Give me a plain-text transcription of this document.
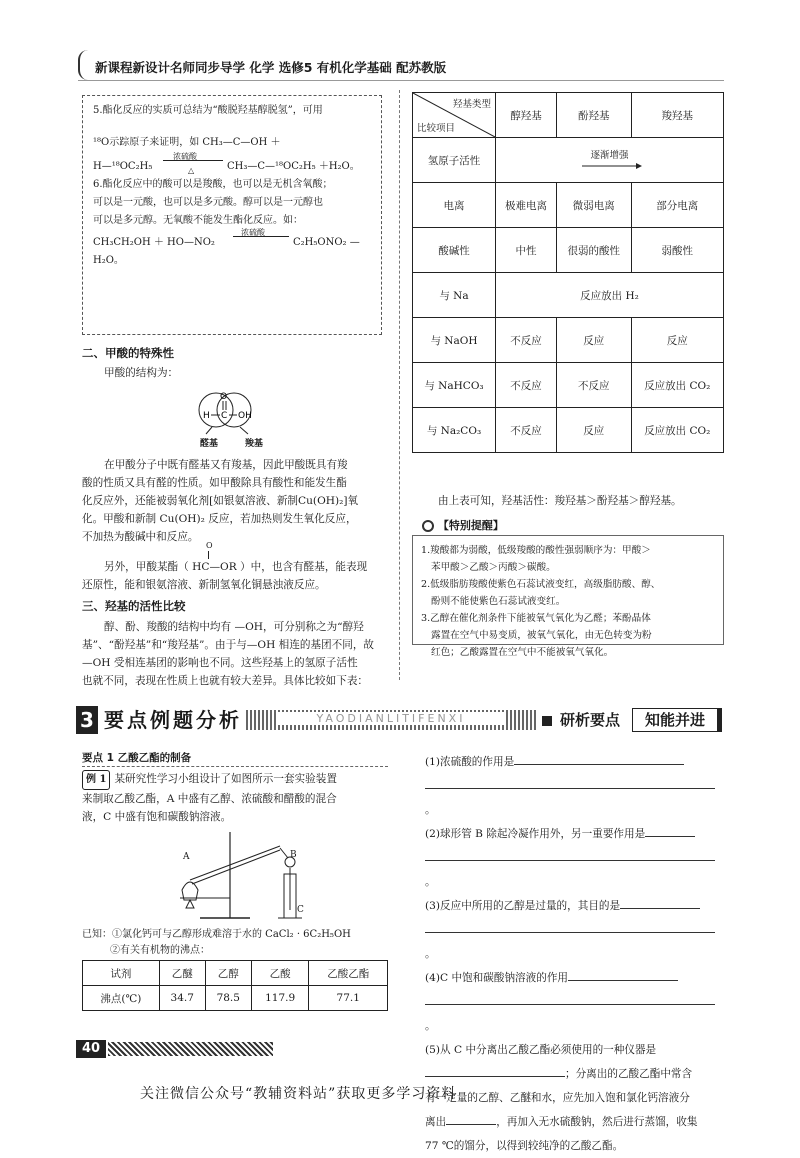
新课程新设计名师同步导学 化学 选修5 有机化学基础 配苏教版
5.酯化反应的实质可总结为“酸脱羟基醇脱氢”，可用
¹⁸O示踪原子来证明，如 CH₃—C—OH ＋
H—¹⁸OC₂H₅
浓硫酸
△	CH₃—C—¹⁸OC₂H₅ ＋H₂O。
6.酯化反应中的酸可以是羧酸，也可以是无机含氧酸；
可以是一元酸，也可以是多元酸。醇可以是一元醇也
可以是多元醇。无氧酸不能发生酯化反应。如：
CH₃CH₂OH ＋ HO—NO₂
浓硫酸
C₂H₅ONO₂ —
H₂O。
二、甲酸的特殊性
甲酸的结构为：
H C
O
OH
醛基	羧基
在甲酸分子中既有醛基又有羧基，因此甲酸既具有羧
酸的性质又具有醛的性质。如甲酸除具有酸性和能发生酯
化反应外，还能被弱氧化剂[如银氨溶液、新制Cu(OH)₂]氧
化。甲酸和新制 Cu(OH)₂ 反应，若加热则发生氧化反应，
不加热为酸碱中和反应。
O
另外，甲酸某酯（ HC—OR ）中，也含有醛基，能表现
还原性，能和银氨溶液、新制氢氧化铜悬浊液反应。
三、羟基的活性比较
醇、酚、羧酸的结构中均有 —OH，可分别称之为“醇羟
基”、“酚羟基”和“羧羟基”。由于与—OH 相连的基团不同，故
—OH 受相连基团的影响也不同。这些羟基上的氢原子活性
也就不同，表现在性质上也就有较大差异。具体比较如下表：
羟基类型
比较项目	醇羟基	酚羟基	羧羟基
氢原子活性	逐渐增强		

电离	极难电离	微弱电离	部分电离
酸碱性	中性	很弱的酸性	弱酸性
与 Na	反应放出 H₂		
与 NaOH	不反应	反应	反应
与 NaHCO₃	不反应	不反应	反应放出 CO₂
与 Na₂CO₃	不反应	反应	反应放出 CO₂
由上表可知，羟基活性：羧羟基＞酚羟基＞醇羟基。
1.羧酸都为弱酸，低级羧酸的酸性强弱顺序为：甲酸＞
苯甲酸＞乙酸＞丙酸＞碳酸。
2.低级脂肪羧酸使紫色石蕊试液变红，高级脂肪酸、醇、
酚则不能使紫色石蕊试液变红。
3.乙醇在催化剂条件下能被氧气氧化为乙醛；苯酚晶体
露置在空气中易变质，被氧气氧化，由无色转变为粉
红色；乙酸露置在空气中不能被氧气氧化。
【特别提醒】
3 要点例题分析	YAODIANLITIFENXI	研析要点	知能并进
要点 1 乙酸乙酯的制备
例 1 某研究性学习小组设计了如图所示一套实验装置
来制取乙酸乙酯，A 中盛有乙醇、浓硫酸和醋酸的混合
液，C 中盛有饱和碳酸钠溶液。
A	B
C
已知：①氯化钙可与乙醇形成难溶于水的 CaCl₂ · 6C₂H₅OH
②有关有机物的沸点：
试剂	乙醚	乙醇	乙酸	乙酸乙酯
沸点(℃)	34.7	78.5	117.9	77.1
(1)浓硫酸的作用是
。
(2)球形管 B 除起冷凝作用外，另一重要作用是
。
(3)反应中所用的乙醇是过量的，其目的是
。
(4)C 中饱和碳酸钠溶液的作用
。
(5)从 C 中分离出乙酸乙酯必须使用的一种仪器是
；分离出的乙酸乙酯中常含
有一定量的乙醇、乙醚和水，应先加入饱和氯化钙溶液分
离出	，再加入无水硫酸钠，然后进行蒸馏，收集
77 ℃的馏分，以得到较纯净的乙酸乙酯。
40
关注微信公众号“教辅资料站”获取更多学习资料
